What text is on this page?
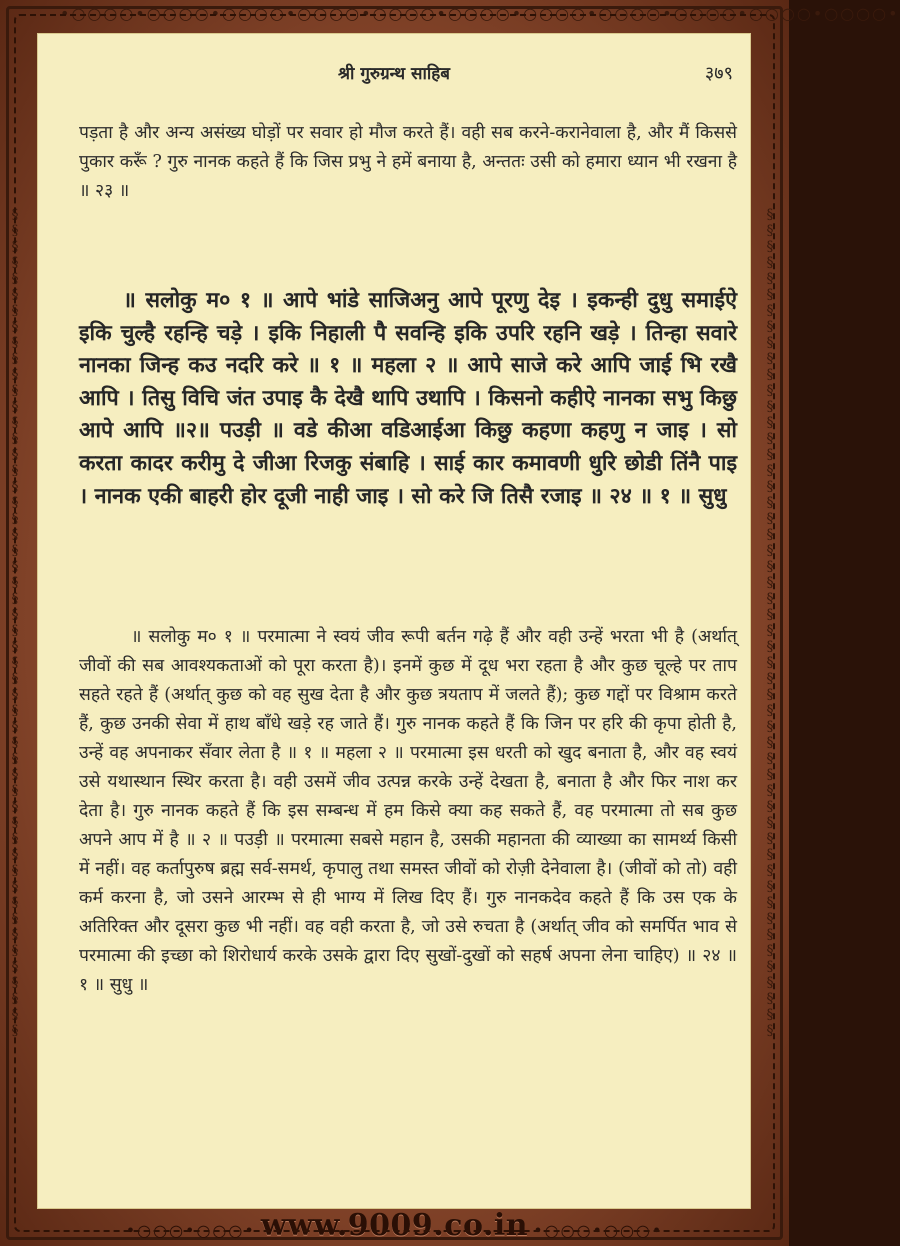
•○○○○•○○○○•○○○○•○○○○•○○○○•○○○○•○○○○•○○○○•○○○○•○○○○•○○○○•
§§§§§§§§§§§§§§§§§§§§§§§§§§§§§§§§§§§§§§§§§§§§§§§§§§§§	§§§§§§§§§§§§§§§§§§§§§§§§§§§§§§§§§§§§§§§§§§§§§§§§§§§§
श्री गुरुग्रन्थ साहिब	३७९
पड़ता है और अन्य असंख्य घोड़ों पर सवार हो मौज करते हैं। वही सब करने-करानेवाला है, और मैं किससे पुकार करूँ ? गुरु नानक कहते हैं कि जिस प्रभु ने हमें बनाया है, अन्ततः उसी को हमारा ध्यान भी रखना है ॥ २३ ॥
॥ सलोकु म० १ ॥ आपे भांडे साजिअनु आपे पूरणु देइ । इकन्ही दुधु समाईऐ इकि चुल्है रहन्हि चड़े । इकि निहाली पै सवन्हि इकि उपरि रहनि खड़े । तिन्हा सवारे नानका जिन्ह कउ नदरि करे ॥ १ ॥ महला २ ॥ आपे साजे करे आपि जाई भि रखै आपि । तिसु विचि जंत उपाइ कै देखै थापि उथापि । किसनो कहीऐ नानका सभु किछु आपे आपि ॥२॥ पउड़ी ॥ वडे कीआ वडिआईआ किछु कहणा कहणु न जाइ । सो करता कादर करीमु दे जीआ रिजकु संबाहि । साई कार कमावणी धुरि छोडी तिंनै पाइ । नानक एकी बाहरी होर दूजी नाही जाइ । सो करे जि तिसै रजाइ ॥ २४ ॥ १ ॥ सुधु
॥ सलोकु म० १ ॥ परमात्मा ने स्वयं जीव रूपी बर्तन गढ़े हैं और वही उन्हें भरता भी है (अर्थात् जीवों की सब आवश्यकताओं को पूरा करता है)। इनमें कुछ में दूध भरा रहता है और कुछ चूल्हे पर ताप सहते रहते हैं (अर्थात् कुछ को वह सुख देता है और कुछ त्रयताप में जलते हैं); कुछ गद्दों पर विश्राम करते हैं, कुछ उनकी सेवा में हाथ बाँधे खड़े रह जाते हैं। गुरु नानक कहते हैं कि जिन पर हरि की कृपा होती है, उन्हें वह अपनाकर सँवार लेता है ॥ १ ॥ महला २ ॥ परमात्मा इस धरती को खुद बनाता है, और वह स्वयं उसे यथास्थान स्थिर करता है। वही उसमें जीव उत्पन्न करके उन्हें देखता है, बनाता है और फिर नाश कर देता है। गुरु नानक कहते हैं कि इस सम्बन्ध में हम किसे क्या कह सकते हैं, वह परमात्मा तो सब कुछ अपने आप में है ॥ २ ॥ पउड़ी ॥ परमात्मा सबसे महान है, उसकी महानता की व्याख्या का सामर्थ्य किसी में नहीं। वह कर्तापुरुष ब्रह्म सर्व-समर्थ, कृपालु तथा समस्त जीवों को रोज़ी देनेवाला है। (जीवों को तो) वही कर्म करना है, जो उसने आरम्भ से ही भाग्य में लिख दिए हैं। गुरु नानकदेव कहते हैं कि उस एक के अतिरिक्त और दूसरा कुछ भी नहीं। वह वही करता है, जो उसे रुचता है (अर्थात् जीव को समर्पित भाव से परमात्मा की इच्छा को शिरोधार्य करके उसके द्वारा दिए सुखों-दुखों को सहर्ष अपना लेना चाहिए) ॥ २४ ॥ १ ॥ सुधु ॥
•○○○•○○○• www.9009.co.in •○○○•○○○•
